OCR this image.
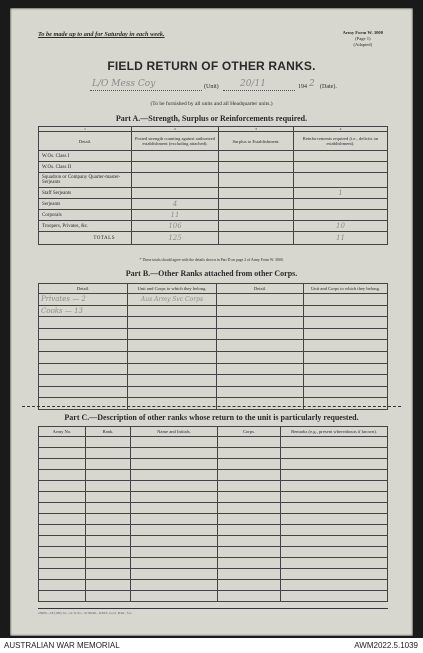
To be made up to and for Saturday in each week.	Army Form W. 3000
(Page 1)
(Adapted)
FIELD RETURN OF OTHER RANKS.
L/O Mess Coy	(Unit) 20/11	194 2 (Date).
(To be furnished by all units and all Headquarter units.)
Part A.—Strength, Surplus or Reinforcements required.
1	2	3	4
Detail.	Posted strength counting against authorized establishment (excluding attached).	Surplus to Establishment.	Reinforcements required (i.e., deficits on establishment).
W.Os. Class I			
W.Os. Class II			
Squadron or Company Quarter-master-Serjeants			
Staff Serjeants			1
Serjeants	4		
Corporals	11		
Troopers, Privates, &c.	106		10
TOTALS	125		11
* These totals should agree with the details shown in Part D on page 2 of Army Form W. 3000.
Part B.—Other Ranks attached from other Corps.
Detail.	Unit and Corps to which they belong.	Detail.	Unit and Corps to which they belong.
Privates — 2	Aus Army Svc Corps		
Cooks — 13			

Part C.—Description of other ranks whose return to the unit is particularly requested.
Army No.	Rank.	Name and Initials.	Corps.	Remarks (e.g., present whereabouts if known).

25603—18 (100) 14—11/11/41—W 86/46—P.M.S. Govt. Print., S.L.
AUSTRALIAN WAR MEMORIAL	AWM2022.5.1039
